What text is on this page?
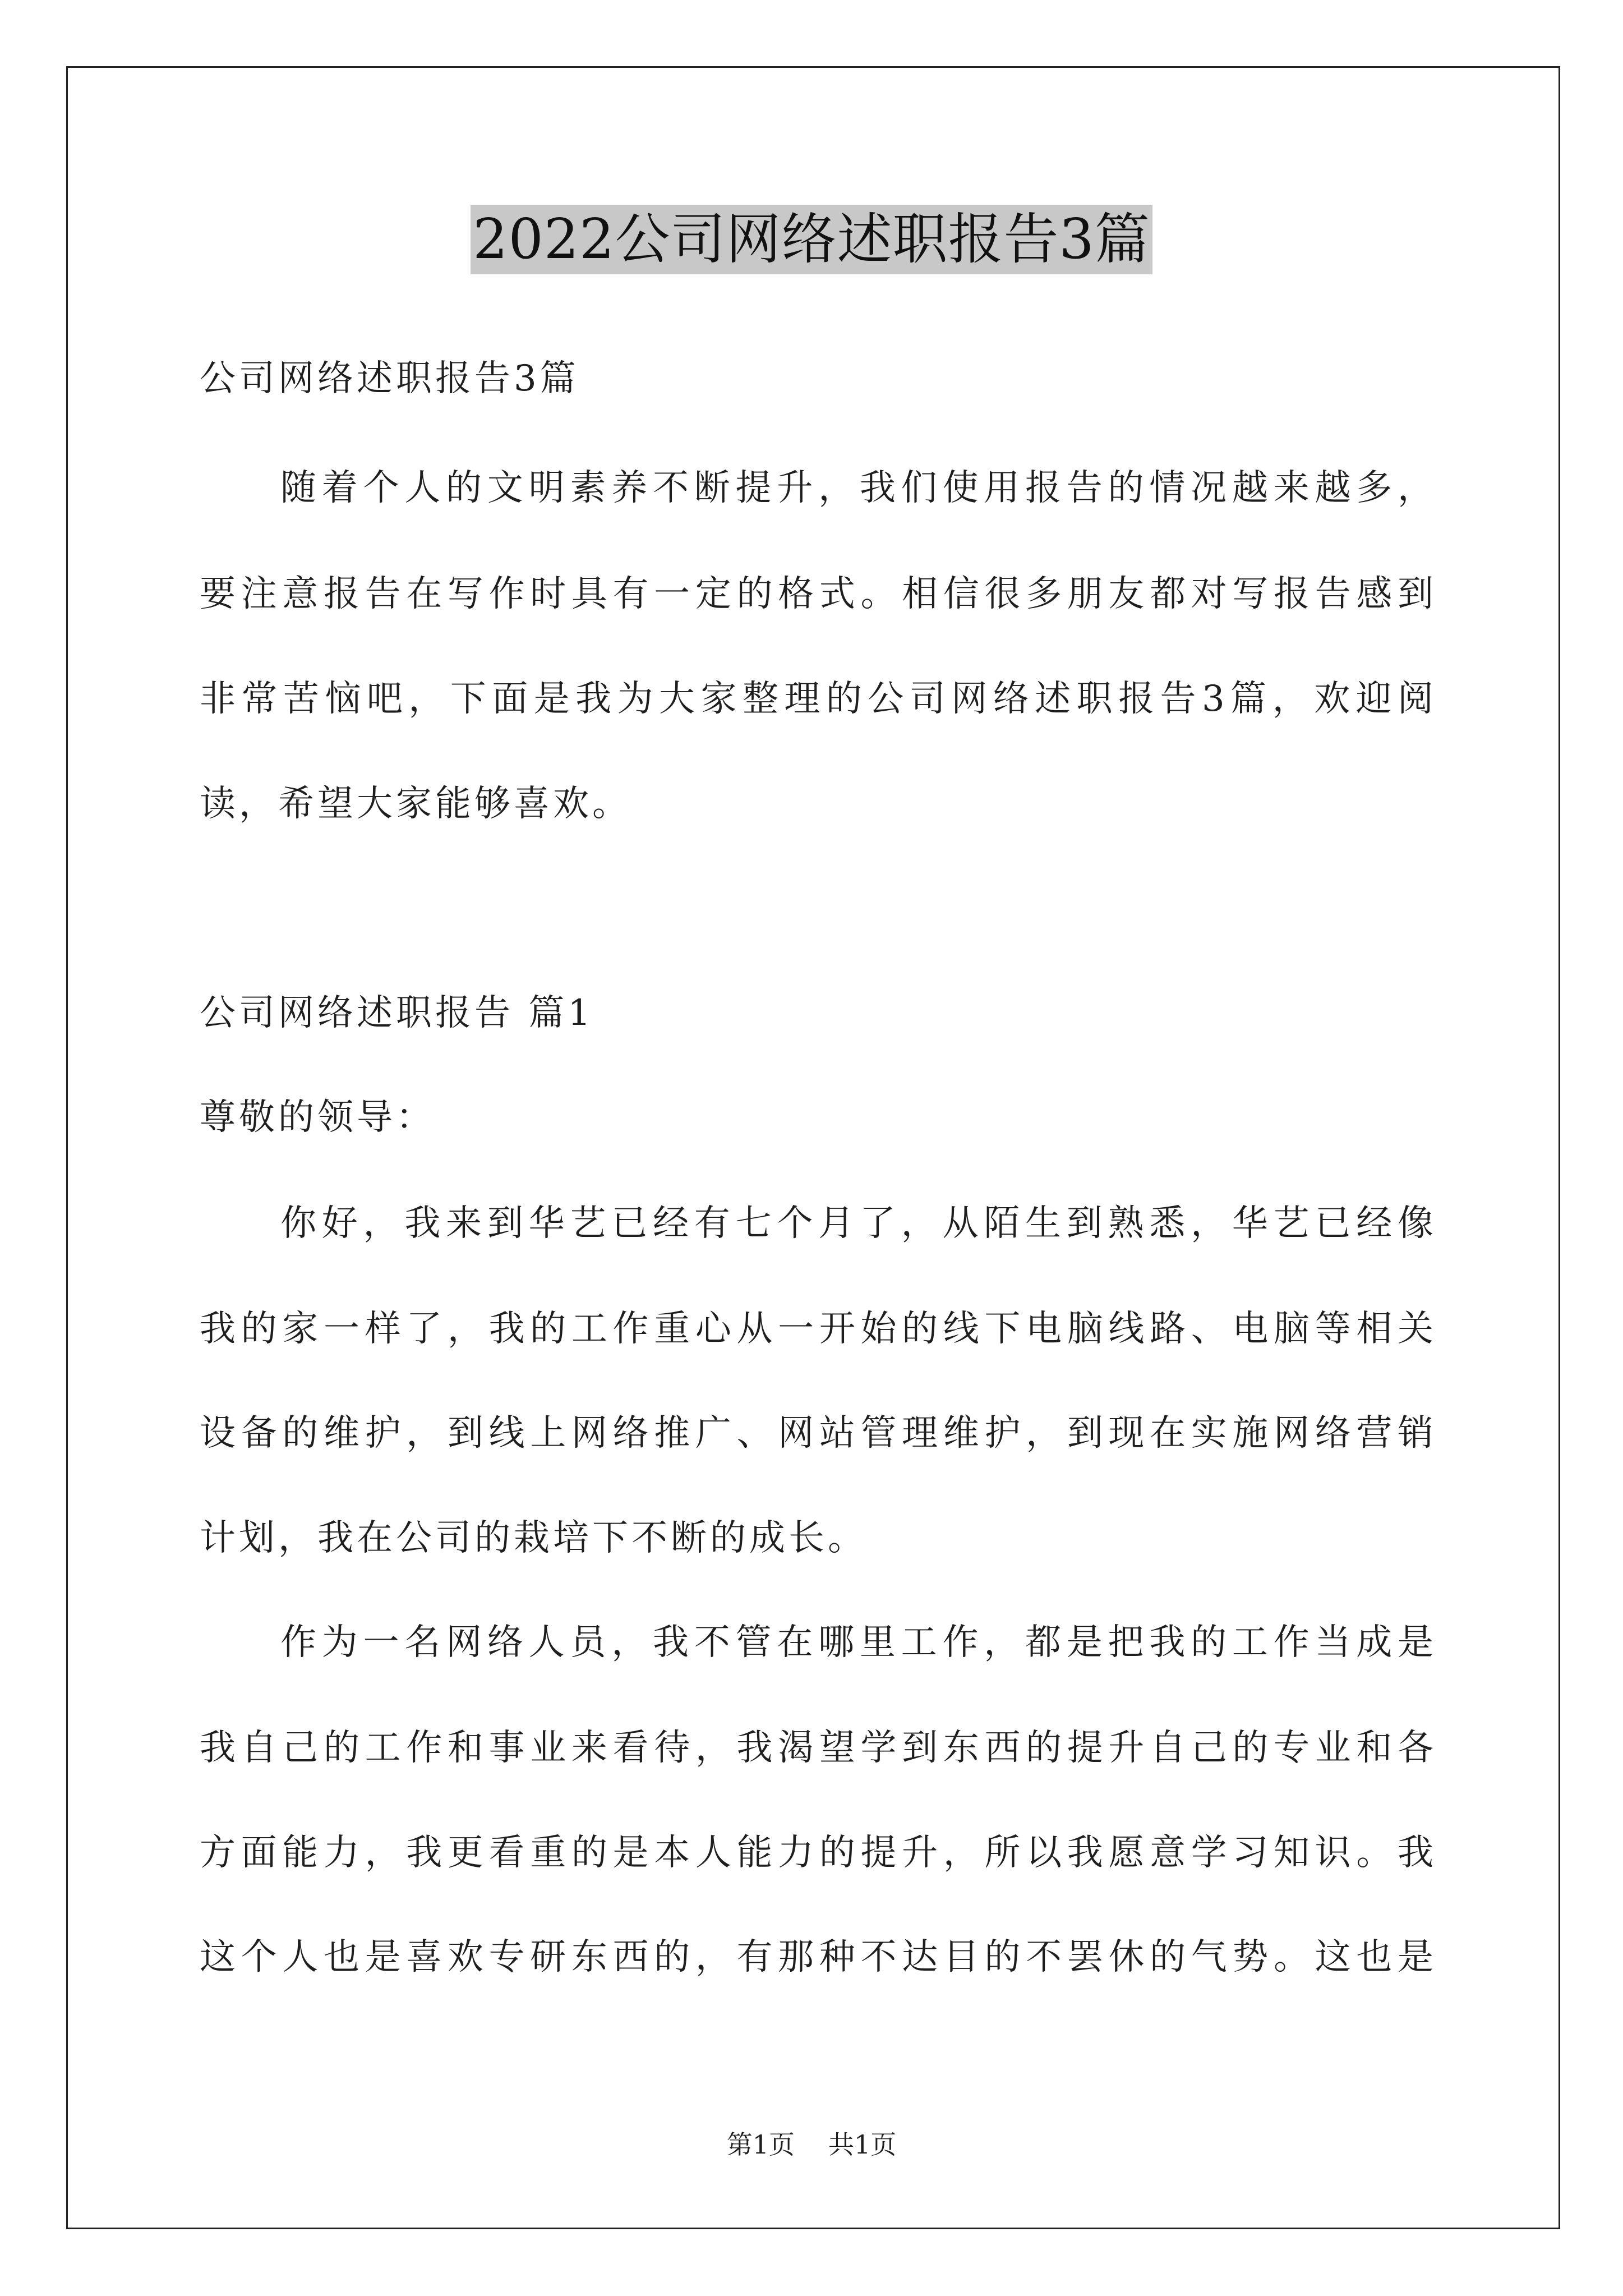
2022公司网络述职报告3篇
公司网络述职报告3篇
随着个人的文明素养不断提升，我们使用报告的情况越来越多，
要注意报告在写作时具有一定的格式。相信很多朋友都对写报告感到
非常苦恼吧，下面是我为大家整理的公司网络述职报告3篇，欢迎阅
读，希望大家能够喜欢。
公司网络述职报告 篇1
尊敬的领导：
你好，我来到华艺已经有七个月了，从陌生到熟悉，华艺已经像
我的家一样了，我的工作重心从一开始的线下电脑线路、电脑等相关
设备的维护，到线上网络推广、网站管理维护，到现在实施网络营销
计划，我在公司的栽培下不断的成长。
作为一名网络人员，我不管在哪里工作，都是把我的工作当成是
我自己的工作和事业来看待，我渴望学到东西的提升自己的专业和各
方面能力，我更看重的是本人能力的提升，所以我愿意学习知识。我
这个人也是喜欢专研东西的，有那种不达目的不罢休的气势。这也是
第1页 共1页
